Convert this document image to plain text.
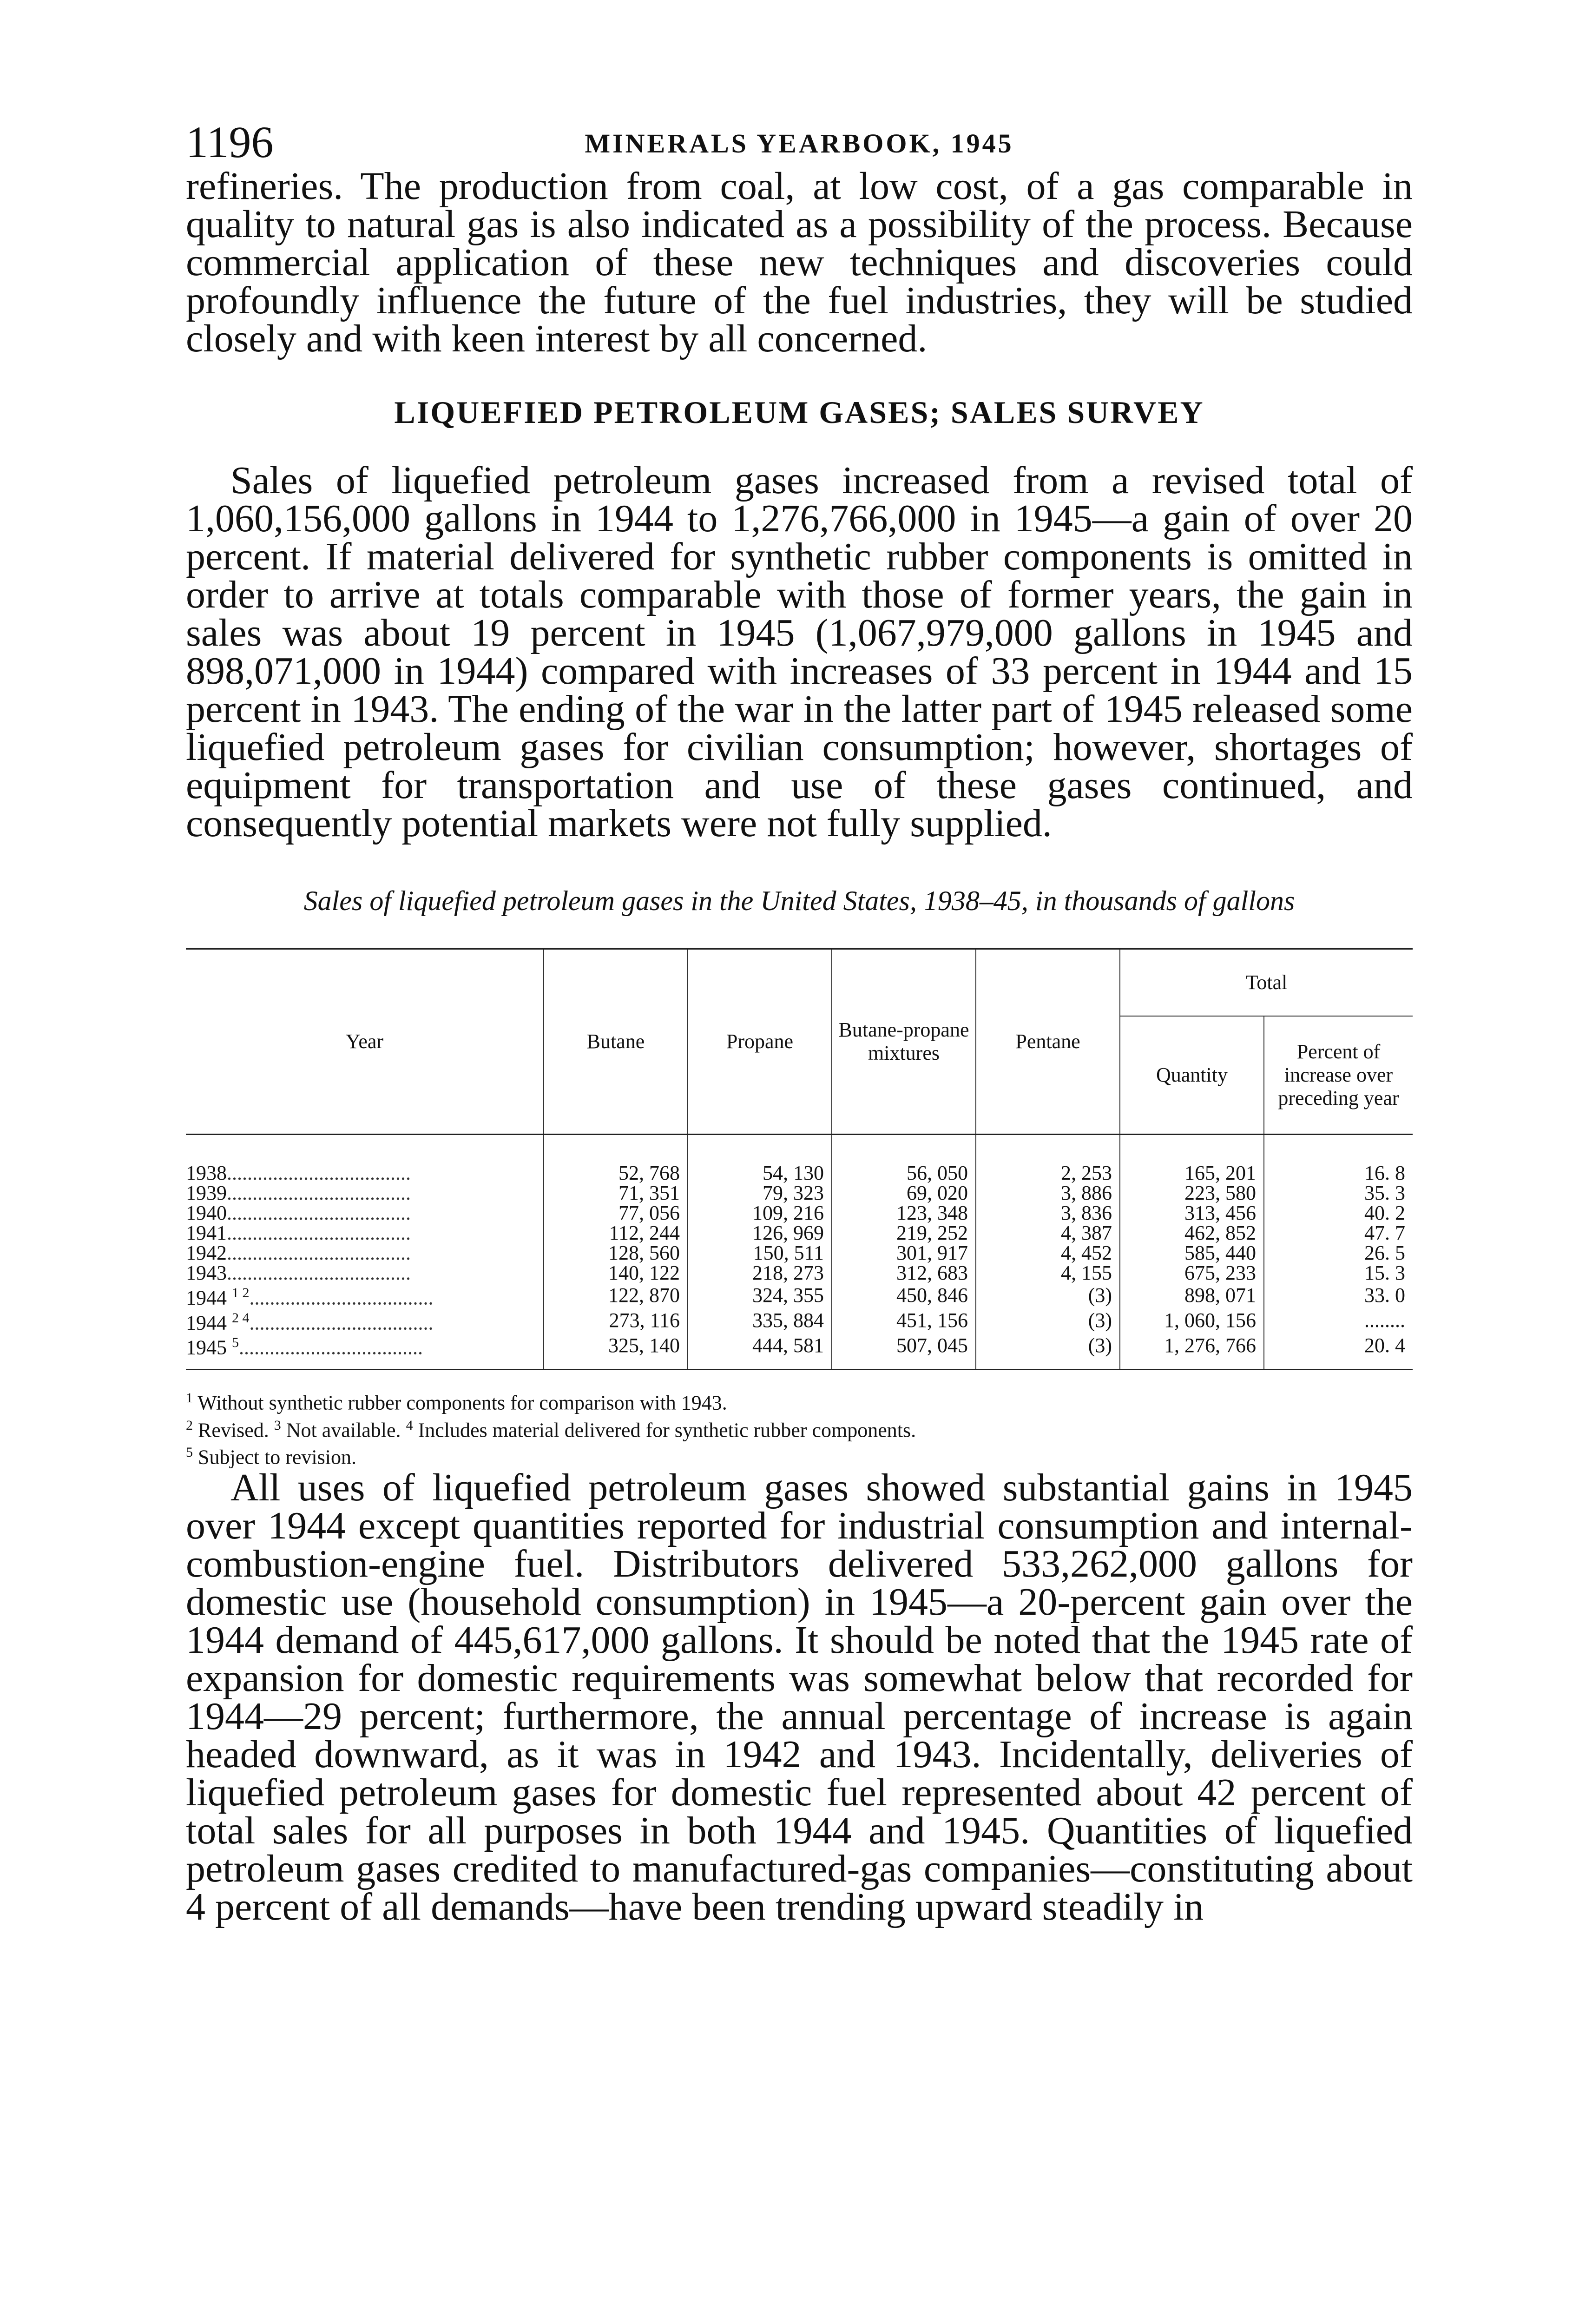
1196	MINERALS YEARBOOK, 1945

refineries. The production from coal, at low cost, of a gas comparable in quality to natural gas is also indicated as a possibility of the process. Because commercial application of these new techniques and discoveries could profoundly influence the future of the fuel industries, they will be studied closely and with keen interest by all concerned.

LIQUEFIED PETROLEUM GASES; SALES SURVEY

Sales of liquefied petroleum gases increased from a revised total of 1,060,156,000 gallons in 1944 to 1,276,766,000 in 1945—a gain of over 20 percent. If material delivered for synthetic rubber components is omitted in order to arrive at totals comparable with those of former years, the gain in sales was about 19 percent in 1945 (1,067,979,000 gallons in 1945 and 898,071,000 in 1944) compared with increases of 33 percent in 1944 and 15 percent in 1943. The ending of the war in the latter part of 1945 released some liquefied petroleum gases for civilian consumption; however, shortages of equipment for transportation and use of these gases continued, and consequently potential markets were not fully supplied.

Sales of liquefied petroleum gases in the United States, 1938–45, in thousands of gallons
Year	Butane	Propane	Butane-propane mixtures	Pentane	Total	
					Quantity	Percent of increase over preceding year
1938....................................	52, 768	54, 130	56, 050	2, 253	165, 201	16. 8
1939....................................	71, 351	79, 323	69, 020	3, 886	223, 580	35. 3
1940....................................	77, 056	109, 216	123, 348	3, 836	313, 456	40. 2
1941....................................	112, 244	126, 969	219, 252	4, 387	462, 852	47. 7
1942....................................	128, 560	150, 511	301, 917	4, 452	585, 440	26. 5
1943....................................	140, 122	218, 273	312, 683	4, 155	675, 233	15. 3
1944 $^{1 2}$....................................	122, 870	324, 355	450, 846	(3)	898, 071	33. 0
1944 $^{2 4}$....................................	273, 116	335, 884	451, 156	(3)	1, 060, 156	........
1945 $^5$....................................	325, 140	444, 581	507, 045	(3)	1, 276, 766	20. 4
$^1$ Without synthetic rubber components for comparison with 1943.
$^2$ Revised. $^3$ Not available. $^4$ Includes material delivered for synthetic rubber components.
$^5$ Subject to revision.

All uses of liquefied petroleum gases showed substantial gains in 1945 over 1944 except quantities reported for industrial consumption and internal-combustion-engine fuel. Distributors delivered 533,262,000 gallons for domestic use (household consumption) in 1945—a 20-percent gain over the 1944 demand of 445,617,000 gallons. It should be noted that the 1945 rate of expansion for domestic requirements was somewhat below that recorded for 1944—29 percent; furthermore, the annual percentage of increase is again headed downward, as it was in 1942 and 1943. Incidentally, deliveries of liquefied petroleum gases for domestic fuel represented about 42 percent of total sales for all purposes in both 1944 and 1945. Quantities of liquefied petroleum gases credited to manufactured-gas companies—constituting about 4 percent of all demands—have been trending upward steadily in
